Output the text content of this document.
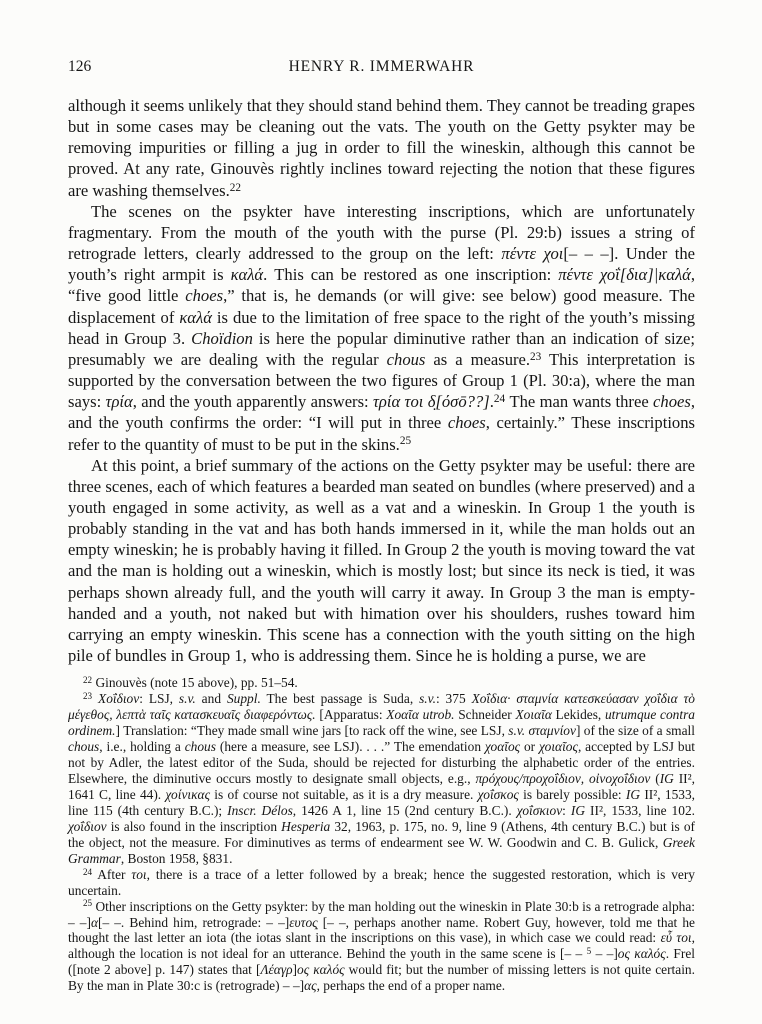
126	HENRY R. IMMERWAHR

although it seems unlikely that they should stand behind them. They cannot be treading grapes but in some cases may be cleaning out the vats. The youth on the Getty psykter may be removing impurities or filling a jug in order to fill the wineskin, although this cannot be proved. At any rate, Ginouvès rightly inclines toward rejecting the notion that these figures are washing themselves.$^{22}$

The scenes on the psykter have interesting inscriptions, which are unfortunately fragmentary. From the mouth of the youth with the purse (Pl. 29:b) issues a string of retrograde letters, clearly addressed to the group on the left: πέντε χοι[– – –]. Under the youth’s right armpit is καλά. This can be restored as one inscription: πέντε χοΐ[δια]|καλά, “five good little choes,” that is, he demands (or will give: see below) good measure. The displacement of καλά is due to the limitation of free space to the right of the youth’s missing head in Group 3. Choïdion is here the popular diminutive rather than an indication of size; presumably we are dealing with the regular chous as a measure.$^{23}$ This interpretation is supported by the conversation between the two figures of Group 1 (Pl. 30:a), where the man says: τρία, and the youth apparently answers: τρία τοι δ̣[όσō??].$^{24}$ The man wants three choes, and the youth confirms the order: “I will put in three choes, certainly.” These inscriptions refer to the quantity of must to be put in the skins.$^{25}$

At this point, a brief summary of the actions on the Getty psykter may be useful: there are three scenes, each of which features a bearded man seated on bundles (where preserved) and a youth engaged in some activity, as well as a vat and a wineskin. In Group 1 the youth is probably standing in the vat and has both hands immersed in it, while the man holds out an empty wineskin; he is probably having it filled. In Group 2 the youth is moving toward the vat and the man is holding out a wineskin, which is mostly lost; but since its neck is tied, it was perhaps shown already full, and the youth will carry it away. In Group 3 the man is empty-handed and a youth, not naked but with himation over his shoulders, rushes toward him carrying an empty wineskin. This scene has a connection with the youth sitting on the high pile of bundles in Group 1, who is addressing them. Since he is holding a purse, we are

$^{22}$ Ginouvès (note 15 above), pp. 51–54.

$^{23}$ Χοΐδιον: LSJ, s.v. and Suppl. The best passage is Suda, s.v.: 375 Χοΐδια· σταμνία κατεσκεύασαν χοΐδια τὸ μέγεθος, λεπτὰ ταῖς κατασκευαῖς διαφερόντως. [Apparatus: Χοαῖα utrob. Schneider Χοιαῖα Lekides, utrumque contra ordinem.] Translation: “They made small wine jars [to rack off the wine, see LSJ, s.v. σταμνίον] of the size of a small chous, i.e., holding a chous (here a measure, see LSJ). . . .” The emendation χοαῖος or χοιαῖος, accepted by LSJ but not by Adler, the latest editor of the Suda, should be rejected for disturbing the alphabetic order of the entries. Elsewhere, the diminutive occurs mostly to designate small objects, e.g., πρόχους/προχοΐδιον, οἰνοχοΐδιον (IG II², 1641 C, line 44). χοίνικας is of course not suitable, as it is a dry measure. χοΐσκος is barely possible: IG II², 1533, line 115 (4th century B.C.); Inscr. Délos, 1426 A 1, line 15 (2nd century B.C.). χοΐσκιον: IG II², 1533, line 102. χοΐδιον is also found in the inscription Hesperia 32, 1963, p. 175, no. 9, line 9 (Athens, 4th century B.C.) but is of the object, not the measure. For diminutives as terms of endearment see W. W. Goodwin and C. B. Gulick, Greek Grammar, Boston 1958, §831.

$^{24}$ After τοι, there is a trace of a letter followed by a break; hence the suggested restoration, which is very uncertain.

$^{25}$ Other inscriptions on the Getty psykter: by the man holding out the wineskin in Plate 30:b is a retrograde alpha: – –]α[– –. Behind him, retrograde: – –]ευτος̣ [– –, perhaps another name. Robert Guy, however, told me that he thought the last letter an iota (the iotas slant in the inscriptions on this vase), in which case we could read: εὖ τοι, although the location is not ideal for an utterance. Behind the youth in the same scene is [– – $^5$ – –]ος καλός. Frel ([note 2 above] p. 147) states that [Λέαγρ]ος καλός would fit; but the number of missing letters is not quite certain. By the man in Plate 30:c is (retrograde) – –]ας, perhaps the end of a proper name.
